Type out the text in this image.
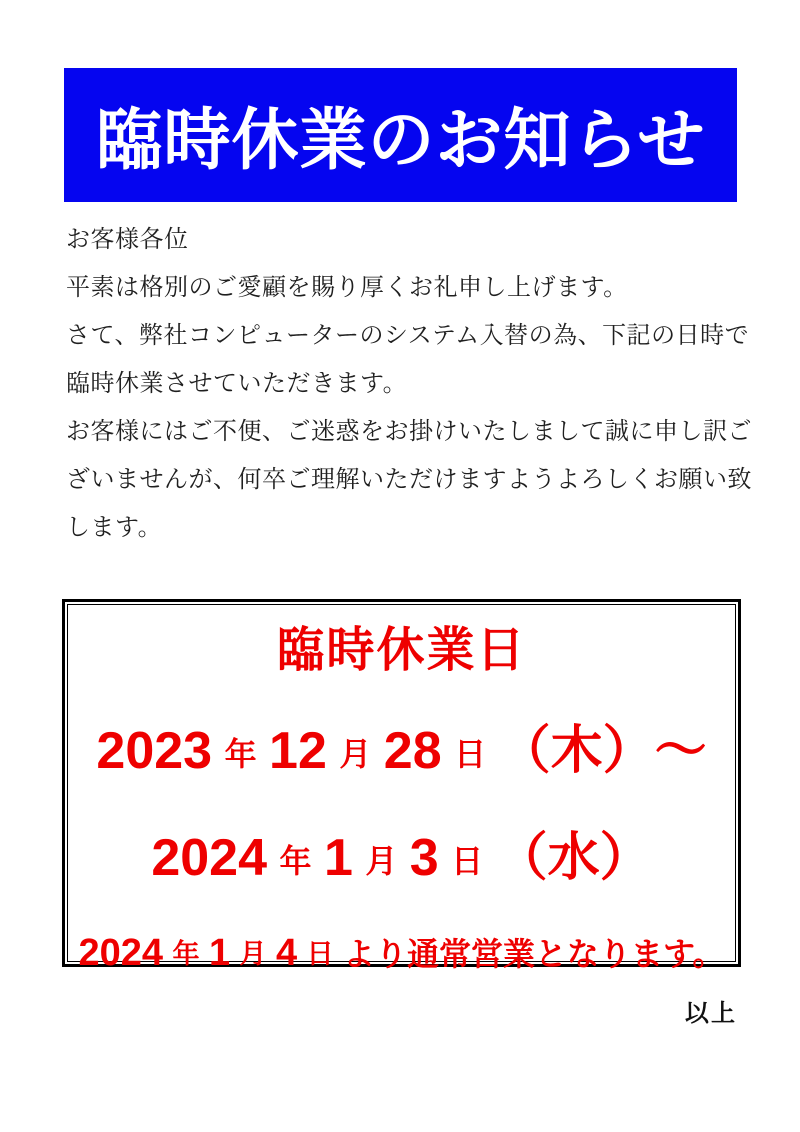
臨時休業のお知らせ
お客様各位
平素は格別のご愛顧を賜り厚くお礼申し上げます。
さて、弊社コンピューターのシステム入替の為、下記の日時で
臨時休業させていただきます。
お客様にはご不便、ご迷惑をお掛けいたしまして誠に申し訳ご
ざいませんが、何卒ご理解いただけますようよろしくお願い致
します。
臨時休業日
2023 年 12 月 28 日 （木）～
2024 年 1 月 3 日 （水）
2024 年 1 月 4 日 より通常営業となります。
以上
